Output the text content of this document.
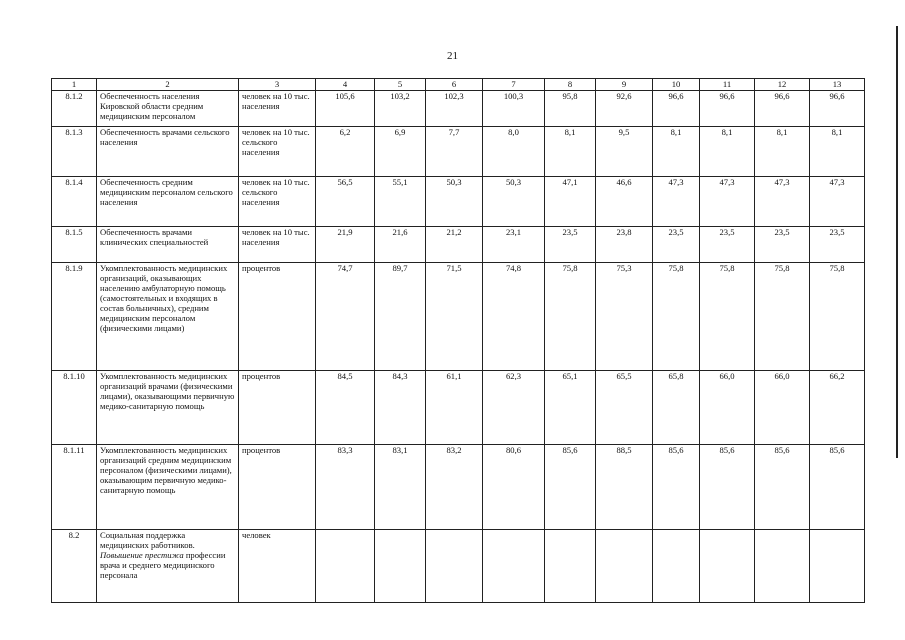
21
1	2	3	4	5	6	7	8	9	10	11	12	13
8.1.2	Обеспеченность населения Кировской области средним медицинским персоналом	человек на 10 тыс. населения	105,6	103,2	102,3	100,3	95,8	92,6	96,6	96,6	96,6	96,6
8.1.3	Обеспеченность врачами сельского населения	человек на 10 тыс. сельского населения	6,2	6,9	7,7	8,0	8,1	9,5	8,1	8,1	8,1	8,1
8.1.4	Обеспеченность средним медицинским персоналом сельского населения	человек на 10 тыс. сельского населения	56,5	55,1	50,3	50,3	47,1	46,6	47,3	47,3	47,3	47,3
8.1.5	Обеспеченность врачами клинических специальностей	человек на 10 тыс. населения	21,9	21,6	21,2	23,1	23,5	23,8	23,5	23,5	23,5	23,5
8.1.9	Укомплектованность медицинских организаций, оказывающих населению амбулаторную помощь (самостоятельных и входящих в состав больничных), средним медицинским персоналом (физическими лицами)	процентов	74,7	89,7	71,5	74,8	75,8	75,3	75,8	75,8	75,8	75,8
8.1.10	Укомплектованность медицинских организаций врачами (физическими лицами), оказывающими первичную медико-санитарную помощь	процентов	84,5	84,3	61,1	62,3	65,1	65,5	65,8	66,0	66,0	66,2
8.1.11	Укомплектованность медицинских организаций средним медицинским персоналом (физическими лицами), оказывающим первичную медико-санитарную помощь	процентов	83,3	83,1	83,2	80,6	85,6	88,5	85,6	85,6	85,6	85,6
8.2	Социальная поддержка медицинских работников. Повышение престижа профессии врача и среднего медицинского персонала	человек										
